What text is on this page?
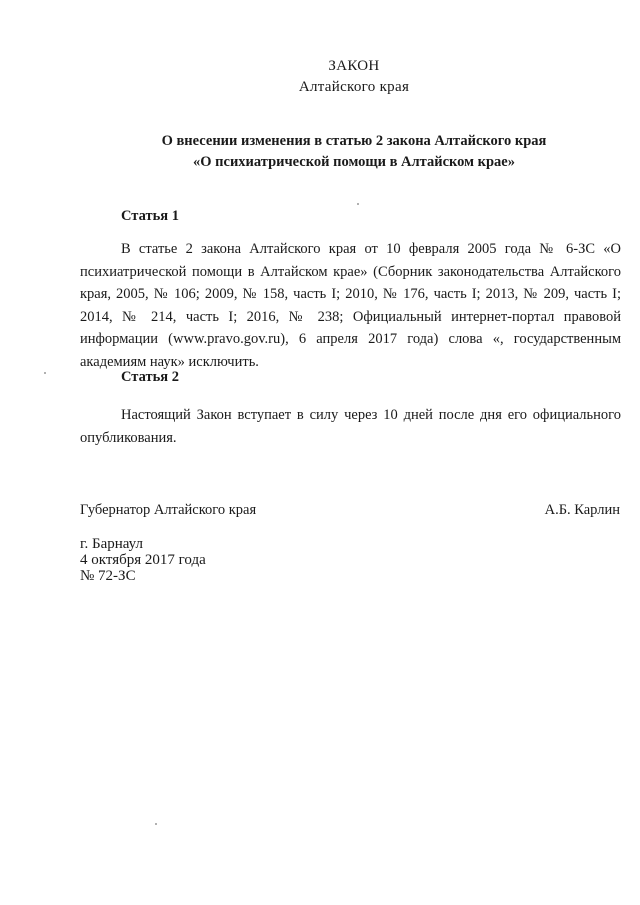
ЗАКОН
Алтайского края
О внесении изменения в статью 2 закона Алтайского края
«О психиатрической помощи в Алтайском крае»
Статья 1
В статье 2 закона Алтайского края от 10 февраля 2005 года № 6-ЗС «О психиатрической помощи в Алтайском крае» (Сборник законодательства Алтайского края, 2005, № 106; 2009, № 158, часть I; 2010, № 176, часть I; 2013, № 209, часть I; 2014, № 214, часть I; 2016, № 238; Официальный интернет-портал правовой информации (www.pravo.gov.ru), 6 апреля 2017 года) слова «, государственным академиям наук» исключить.
Статья 2
Настоящий Закон вступает в силу через 10 дней после дня его официального опубликования.
Губернатор Алтайского края	А.Б. Карлин
г. Барнаул
4 октября 2017 года
№ 72-ЗС
